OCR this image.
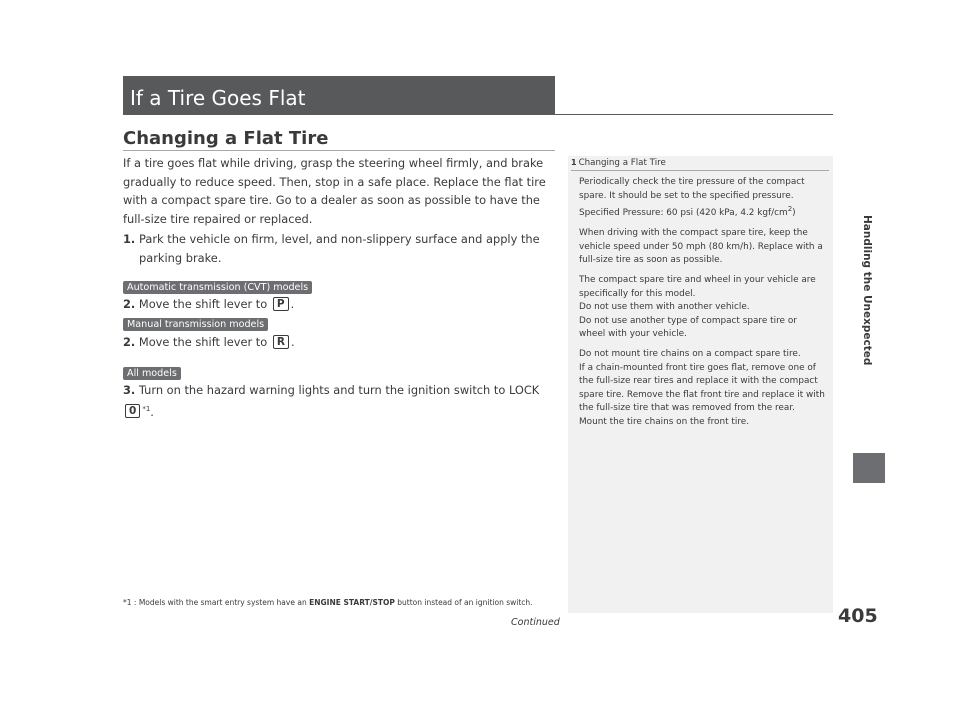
If a Tire Goes Flat
Changing a Flat Tire
If a tire goes flat while driving, grasp the steering wheel firmly, and brake gradually to reduce speed. Then, stop in a safe place. Replace the flat tire with a compact spare tire. Go to a dealer as soon as possible to have the full-size tire repaired or replaced.
1. Park the vehicle on firm, level, and non-slippery surface and apply the parking brake.
Automatic transmission (CVT) models
2. Move the shift lever to P .
Manual transmission models
2. Move the shift lever to R .
All models
3. Turn on the hazard warning lights and turn the ignition switch to LOCK 0 $^{*1}$.
*1 : Models with the smart entry system have an ENGINE START/STOP button instead of an ignition switch.
1 Changing a Flat Tire

Periodically check the tire pressure of the compact spare. It should be set to the specified pressure.
Specified Pressure: 60 psi (420 kPa, 4.2 kgf/$cm^2$)

When driving with the compact spare tire, keep the vehicle speed under 50 mph (80 km/h). Replace with a full-size tire as soon as possible.

The compact spare tire and wheel in your vehicle are specifically for this model.
Do not use them with another vehicle.
Do not use another type of compact spare tire or wheel with your vehicle.

Do not mount tire chains on a compact spare tire.
If a chain-mounted front tire goes flat, remove one of the full-size rear tires and replace it with the compact spare tire. Remove the flat front tire and replace it with the full-size tire that was removed from the rear. Mount the tire chains on the front tire.

Handling the Unexpected
405
Continued
